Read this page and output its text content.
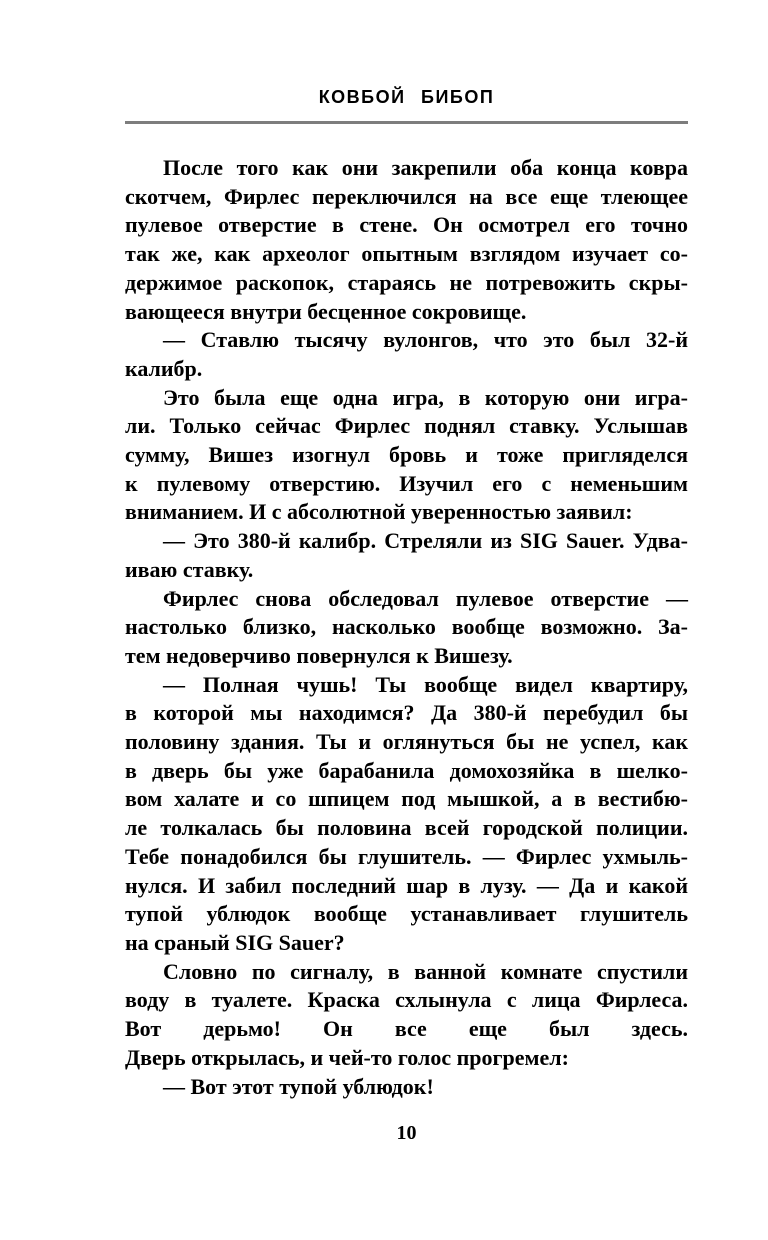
КОВБОЙ БИБОП
После того как они закрепили оба конца ковра
скотчем, Фирлес переключился на все еще тлеющее
пулевое отверстие в стене. Он осмотрел его точно
так же, как археолог опытным взглядом изучает со-
держимое раскопок, стараясь не потревожить скры-
вающееся внутри бесценное сокровище.
— Ставлю тысячу вулонгов, что это был 32-й
калибр.
Это была еще одна игра, в которую они игра-
ли. Только сейчас Фирлес поднял ставку. Услышав
сумму, Вишез изогнул бровь и тоже пригляделся
к пулевому отверстию. Изучил его с неменьшим
вниманием. И с абсолютной уверенностью заявил:
— Это 380-й калибр. Стреляли из SIG Sauer. Удва-
иваю ставку.
Фирлес снова обследовал пулевое отверстие —
настолько близко, насколько вообще возможно. За-
тем недоверчиво повернулся к Вишезу.
— Полная чушь! Ты вообще видел квартиру,
в которой мы находимся? Да 380-й перебудил бы
половину здания. Ты и оглянуться бы не успел, как
в дверь бы уже барабанила домохозяйка в шелко-
вом халате и со шпицем под мышкой, а в вестибю-
ле толкалась бы половина всей городской полиции.
Тебе понадобился бы глушитель. — Фирлес ухмыль-
нулся. И забил последний шар в лузу. — Да и какой
тупой ублюдок вообще устанавливает глушитель
на сраный SIG Sauer?
Словно по сигналу, в ванной комнате спустили
воду в туалете. Краска схлынула с лица Фирлеса.
Вот дерьмо! Он все еще был здесь.
Дверь открылась, и чей-то голос прогремел:
— Вот этот тупой ублюдок!
10
